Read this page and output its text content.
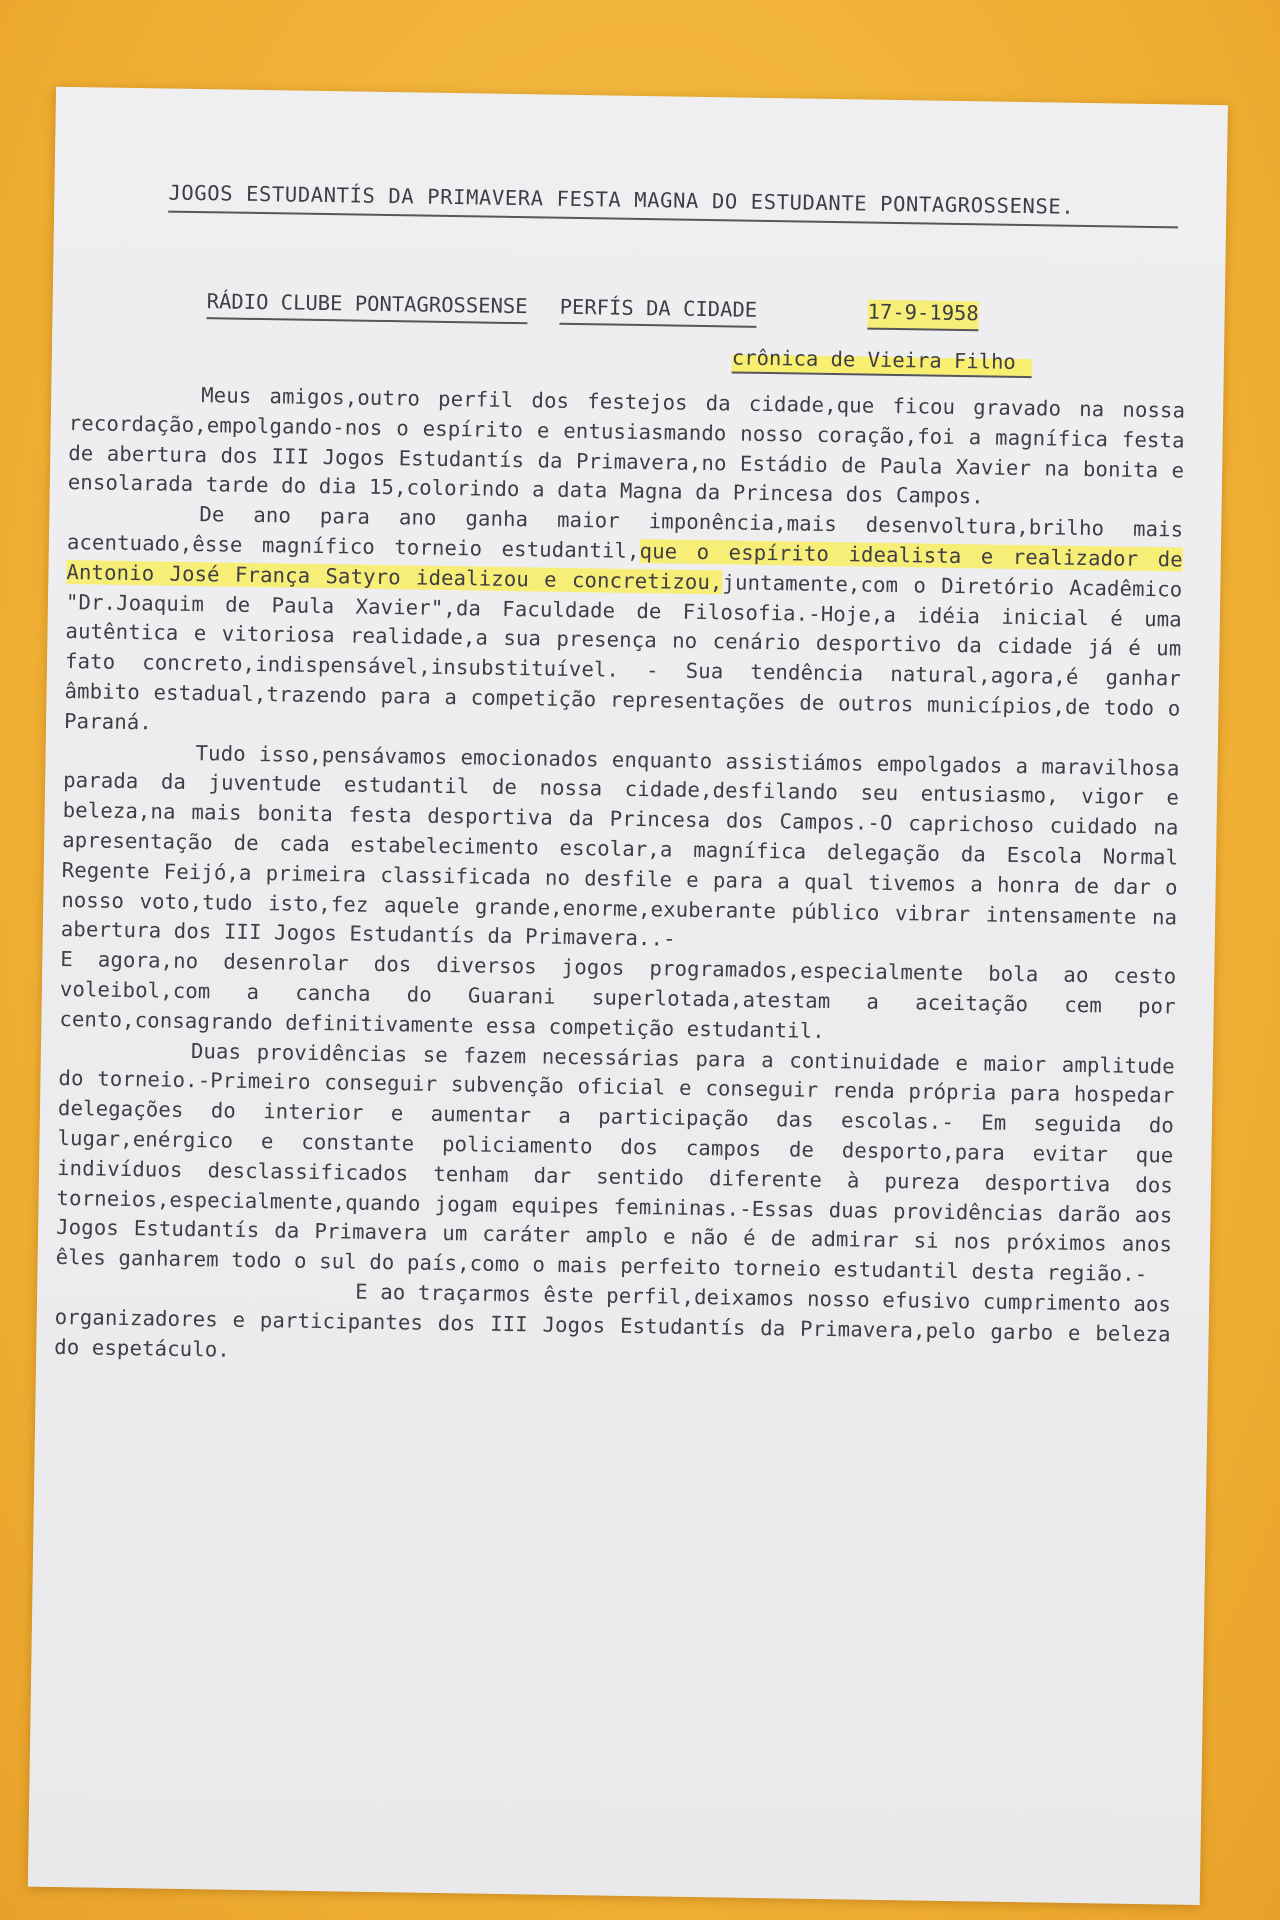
JOGOS ESTUDANTÍS DA PRIMAVERA FESTA MAGNA DO ESTUDANTE PONTAGROSSENSE.
RÁDIO CLUBE PONTAGROSSENSE PERFÍS DA CIDADE	17-9-1958
crônica de Vieira Filho

Meus amigos,outro perfil dos festejos da cidade,que ficou gravado na nossa recordação,empolgando-nos o espírito e entusiasmando nosso coração,foi a magnífica festa de abertura dos III Jogos Estudantís da Primavera,no Estádio de Paula Xavier na bonita e ensolarada tarde do dia 15,colorindo a data Magna da Princesa dos Campos.

De ano para ano ganha maior imponência,mais desenvoltura,brilho mais acentuado,êsse magnífico torneio estudantil,que o espírito idealista e realizador de Antonio José França Satyro idealizou e concretizou,juntamente,com o Diretório Acadêmico "Dr.Joaquim de Paula Xavier",da Faculdade de Filosofia.-Hoje,a idéia inicial é uma autêntica e vitoriosa realidade,a sua presença no cenário desportivo da cidade já é um fato concreto,indispensável,insubstituível. - Sua tendência natural,agora,é ganhar âmbito estadual,trazendo para a competição representações de outros municípios,de todo o Paraná.

Tudo isso,pensávamos emocionados enquanto assistiámos empolgados a maravilhosa parada da juventude estudantil de nossa cidade,desfilando seu entusiasmo, vigor e beleza,na mais bonita festa desportiva da Princesa dos Campos.-O caprichoso cuidado na apresentação de cada estabelecimento escolar,a magnífica delegação da Escola Normal Regente Feijó,a primeira classificada no desfile e para a qual tivemos a honra de dar o nosso voto,tudo isto,fez aquele grande,enorme,exuberante público vibrar intensamente na abertura dos III Jogos Estudantís da Primavera..-

E agora,no desenrolar dos diversos jogos programados,especialmente bola ao cesto voleibol,com a cancha do Guarani superlotada,atestam a aceitação cem por cento,consagrando definitivamente essa competição estudantil.

Duas providências se fazem necessárias para a continuidade e maior amplitude do torneio.-Primeiro conseguir subvenção oficial e conseguir renda própria para hospedar delegações do interior e aumentar a participação das escolas.- Em seguida do lugar,enérgico e constante policiamento dos campos de desporto,para evitar que indivíduos desclassificados tenham dar sentido diferente à pureza desportiva dos torneios,especialmente,quando jogam equipes femininas.-Essas duas providências darão aos Jogos Estudantís da Primavera um caráter amplo e não é de admirar si nos próximos anos êles ganharem todo o sul do país,como o mais perfeito torneio estudantil desta região.-

E ao traçarmos êste perfil,deixamos nosso efusivo cumprimento aos organizadores e participantes dos III Jogos Estudantís da Primavera,pelo garbo e beleza do espetáculo.
